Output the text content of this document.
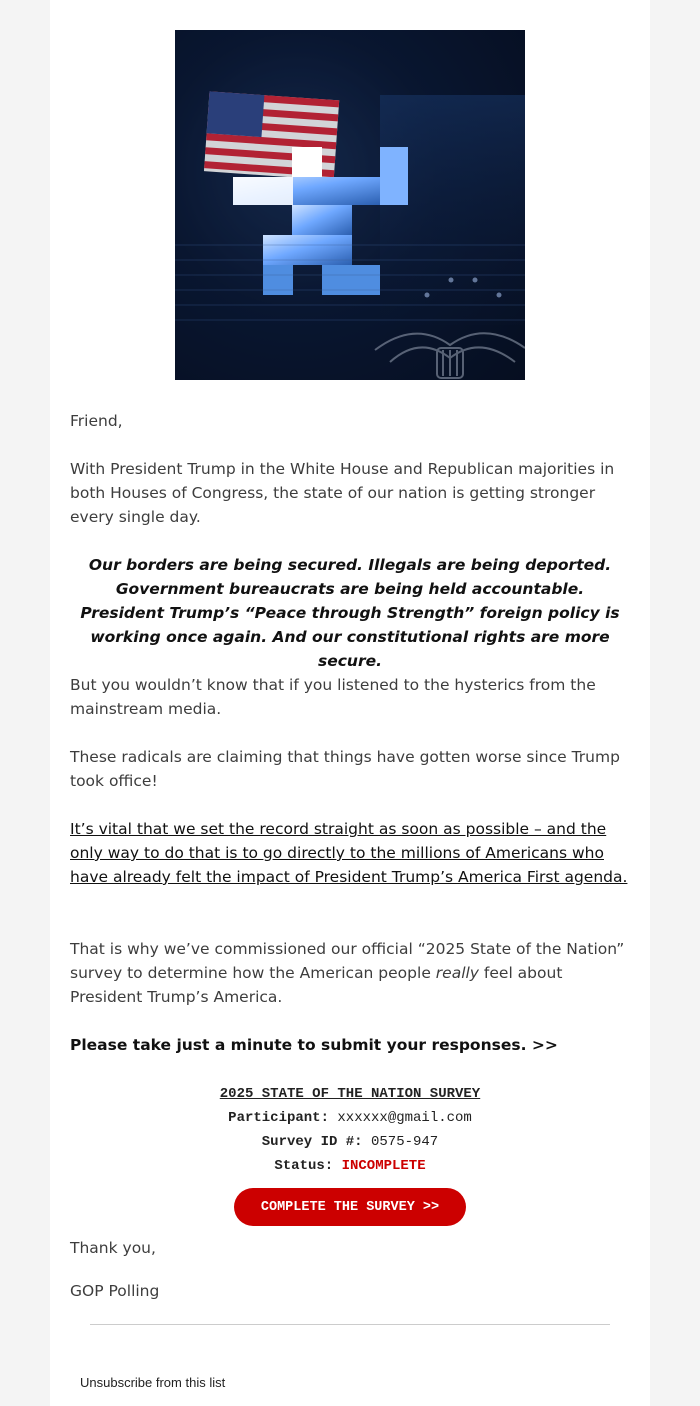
Friend,

With President Trump in the White House and Republican majorities in both Houses of Congress, the state of our nation is getting stronger every single day.

Our borders are being secured. Illegals are being deported. Government bureaucrats are being held accountable. President Trump’s “Peace through Strength” foreign policy is working once again. And our constitutional rights are more secure.

But you wouldn’t know that if you listened to the hysterics from the mainstream media.

These radicals are claiming that things have gotten worse since Trump took office!

It’s vital that we set the record straight as soon as possible – and the only way to do that is to go directly to the millions of Americans who have already felt the impact of President Trump’s America First agenda.

That is why we’ve commissioned our official “2025 State of the Nation” survey to determine how the American people really feel about President Trump’s America.

Please take just a minute to submit your responses. >>

2025 STATE OF THE NATION SURVEY
Participant: xxxxxx@gmail.com
Survey ID #: 0575-947
Status: INCOMPLETE
COMPLETE THE SURVEY >>

Thank you,

GOP Polling

Unsubscribe from this list
